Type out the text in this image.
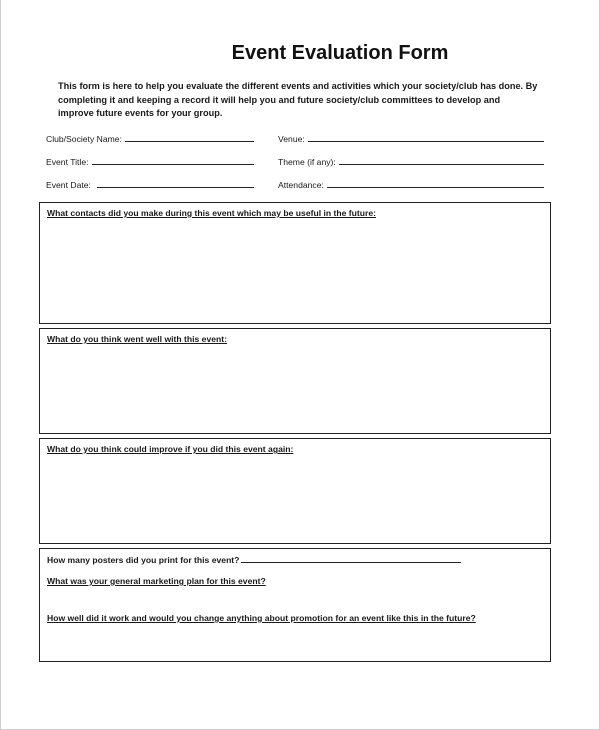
Event Evaluation Form
This form is here to help you evaluate the different events and activities which your society/club has done. By completing it and keeping a record it will help you and future society/club committees to develop and improve future events for your group.
Club/Society Name:	Venue:
Event Title:	Theme (if any):
Event Date:	Attendance:
What contacts did you make during this event which may be useful in the future:
What do you think went well with this event:
What do you think could improve if you did this event again:
How many posters did you print for this event?
What was your general marketing plan for this event?
How well did it work and would you change anything about promotion for an event like this in the future?
